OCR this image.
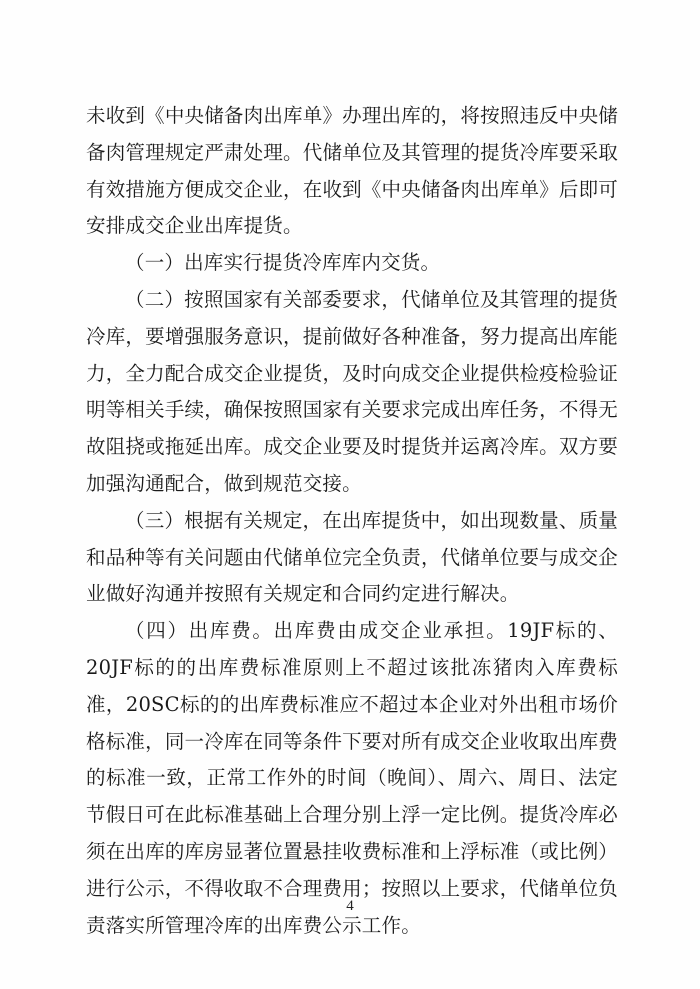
未收到《中央储备肉出库单》办理出库的，将按照违反中央储备肉管理规定严肃处理。代储单位及其管理的提货冷库要采取有效措施方便成交企业，在收到《中央储备肉出库单》后即可安排成交企业出库提货。

（一）出库实行提货冷库库内交货。

（二）按照国家有关部委要求，代储单位及其管理的提货冷库，要增强服务意识，提前做好各种准备，努力提高出库能力，全力配合成交企业提货，及时向成交企业提供检疫检验证明等相关手续，确保按照国家有关要求完成出库任务，不得无故阻挠或拖延出库。成交企业要及时提货并运离冷库。双方要加强沟通配合，做到规范交接。

（三）根据有关规定，在出库提货中，如出现数量、质量和品种等有关问题由代储单位完全负责，代储单位要与成交企业做好沟通并按照有关规定和合同约定进行解决。

（四）出库费。出库费由成交企业承担。19JF标的、20JF标的的出库费标准原则上不超过该批冻猪肉入库费标准，20SC标的的出库费标准应不超过本企业对外出租市场价格标准，同一冷库在同等条件下要对所有成交企业收取出库费的标准一致，正常工作外的时间（晚间）、周六、周日、法定节假日可在此标准基础上合理分别上浮一定比例。提货冷库必须在出库的库房显著位置悬挂收费标准和上浮标准（或比例）进行公示，不得收取不合理费用；按照以上要求，代储单位负责落实所管理冷库的出库费公示工作。

4
